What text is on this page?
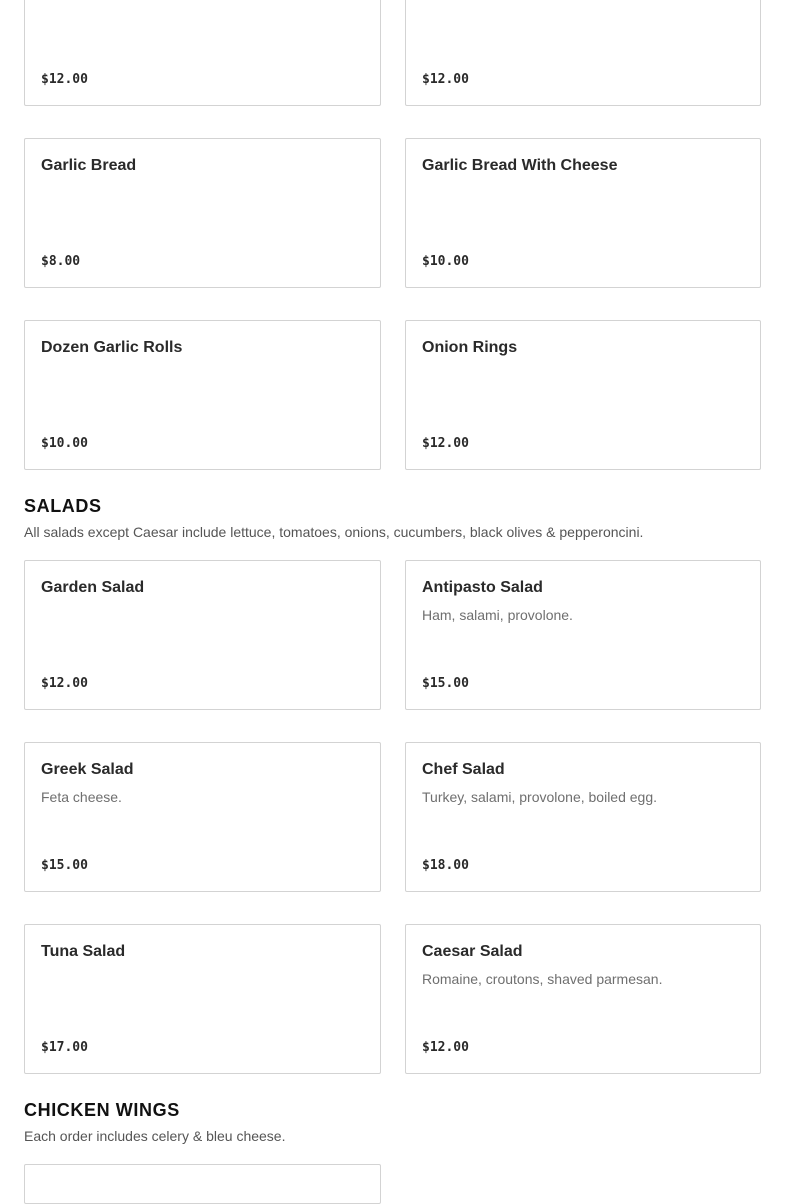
$12.00	$12.00
Garlic Bread
$8.00
Garlic Bread With Cheese
$10.00
Dozen Garlic Rolls
$10.00
Onion Rings
$12.00
SALADS
All salads except Caesar include lettuce, tomatoes, onions, cucumbers, black olives & pepperoncini.
Garden Salad
$12.00
Antipasto Salad
Ham, salami, provolone.
$15.00
Greek Salad
Feta cheese.
$15.00
Chef Salad
Turkey, salami, provolone, boiled egg.
$18.00
Tuna Salad
$17.00
Caesar Salad
Romaine, croutons, shaved parmesan.
$12.00
CHICKEN WINGS
Each order includes celery & bleu cheese.
